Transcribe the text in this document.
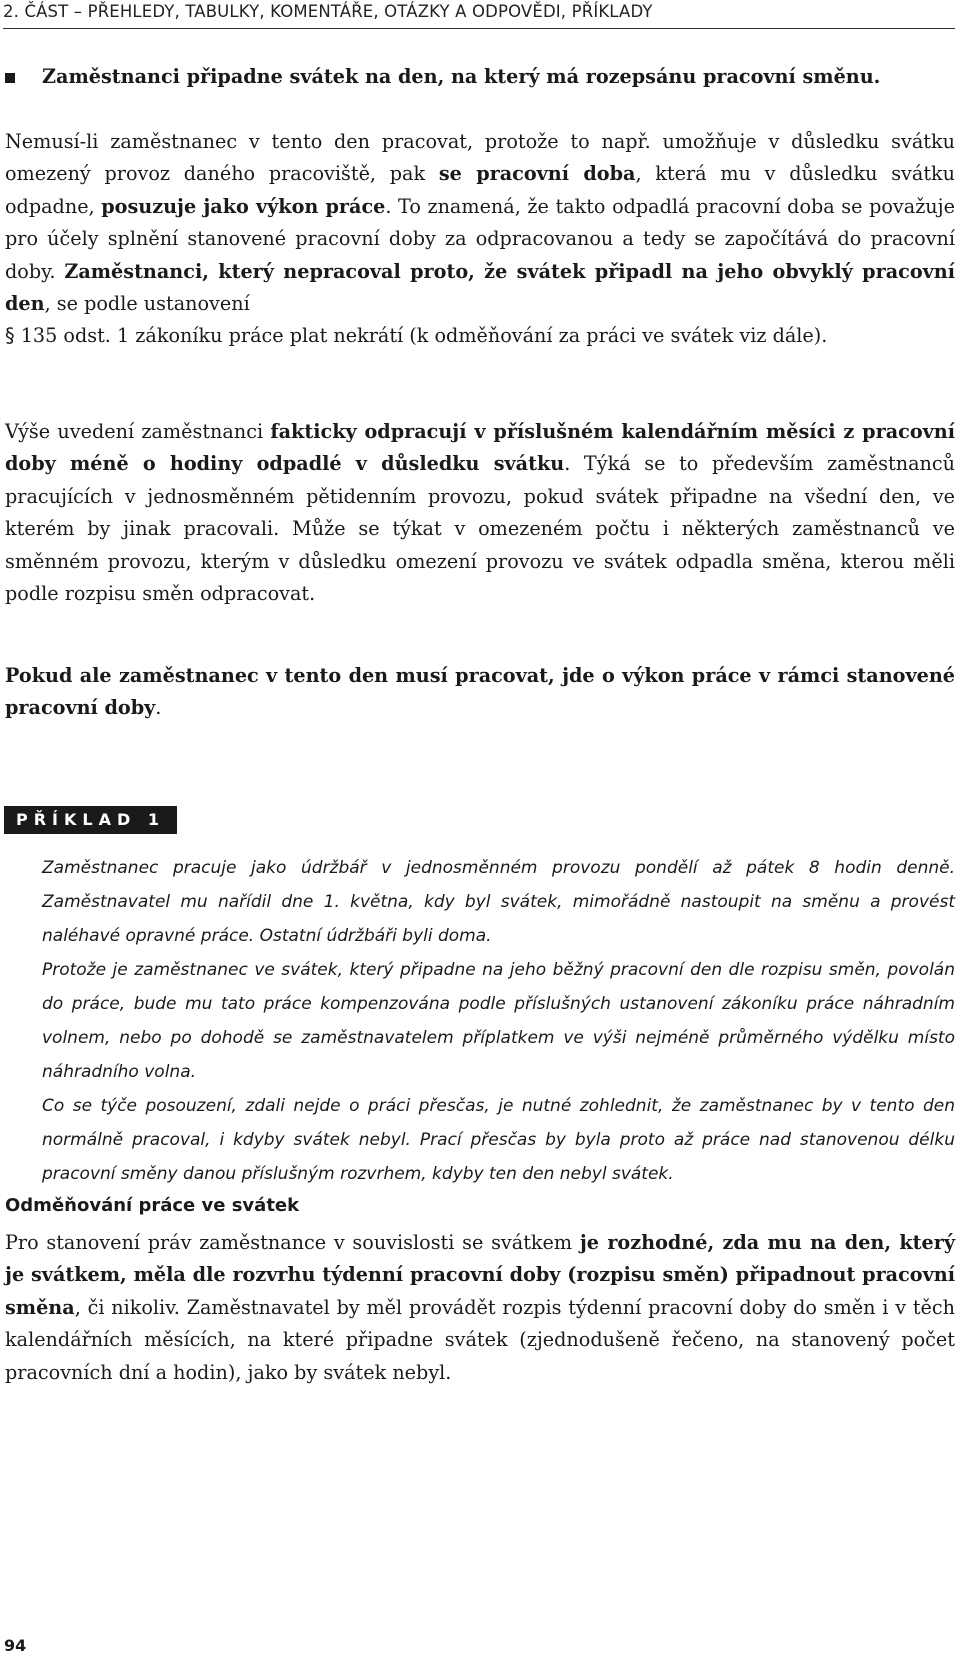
2. ČÁST – PŘEHLEDY, TABULKY, KOMENTÁŘE, OTÁZKY A ODPOVĚDI, PŘÍKLADY
Zaměstnanci připadne svátek na den, na který má rozepsánu pracovní směnu.

Nemusí-li zaměstnanec v tento den pracovat, protože to např. umožňuje v důsledku svátku omezený provoz daného pracoviště, pak se pracovní doba, která mu v důsledku svátku odpadne, posuzuje jako výkon práce. To znamená, že takto odpadlá pracovní doba se považuje pro účely splnění stanovené pracovní doby za odpracovanou a tedy se započítává do pracovní doby. Zaměstnanci, který nepracoval proto, že svátek připadl na jeho obvyklý pracovní den, se podle ustanovení
§ 135 odst. 1 zákoníku práce plat nekrátí (k odměňování za práci ve svátek viz dále).

Výše uvedení zaměstnanci fakticky odpracují v příslušném kalendářním měsíci z pracovní doby méně o hodiny odpadlé v důsledku svátku. Týká se to především zaměstnanců pracujících v jednosměnném pětidenním provozu, pokud svátek připadne na všední den, ve kterém by jinak pracovali. Může se týkat v omezeném počtu i některých zaměstnanců ve směnném provozu, kterým v důsledku omezení provozu ve svátek odpadla směna, kterou měli podle rozpisu směn odpracovat.

Pokud ale zaměstnanec v tento den musí pracovat, jde o výkon práce v rámci stanovené pracovní doby.

PŘÍKLAD 1

Zaměstnanec pracuje jako údržbář v jednosměnném provozu pondělí až pátek 8 hodin denně. Zaměstnavatel mu nařídil dne 1. května, kdy byl svátek, mimořádně nastoupit na směnu a provést naléhavé opravné práce. Ostatní údržbáři byli doma.

Protože je zaměstnanec ve svátek, který připadne na jeho běžný pracovní den dle rozpisu směn, povolán do práce, bude mu tato práce kompenzována podle příslušných ustanovení zákoníku práce náhradním volnem, nebo po dohodě se zaměstnavatelem příplatkem ve výši nejméně průměrného výdělku místo náhradního volna.

Co se týče posouzení, zdali nejde o práci přesčas, je nutné zohlednit, že zaměstnanec by v tento den normálně pracoval, i kdyby svátek nebyl. Prací přesčas by byla proto až práce nad stanovenou délku pracovní směny danou příslušným rozvrhem, kdyby ten den nebyl svátek.

Odměňování práce ve svátek

Pro stanovení práv zaměstnance v souvislosti se svátkem je rozhodné, zda mu na den, který je svátkem, měla dle rozvrhu týdenní pracovní doby (rozpisu směn) připadnout pracovní směna, či nikoliv. Zaměstnavatel by měl provádět rozpis týdenní pracovní doby do směn i v těch kalendářních měsících, na které připadne svátek (zjednodušeně řečeno, na stanovený počet pracovních dní a hodin), jako by svátek nebyl.

94
